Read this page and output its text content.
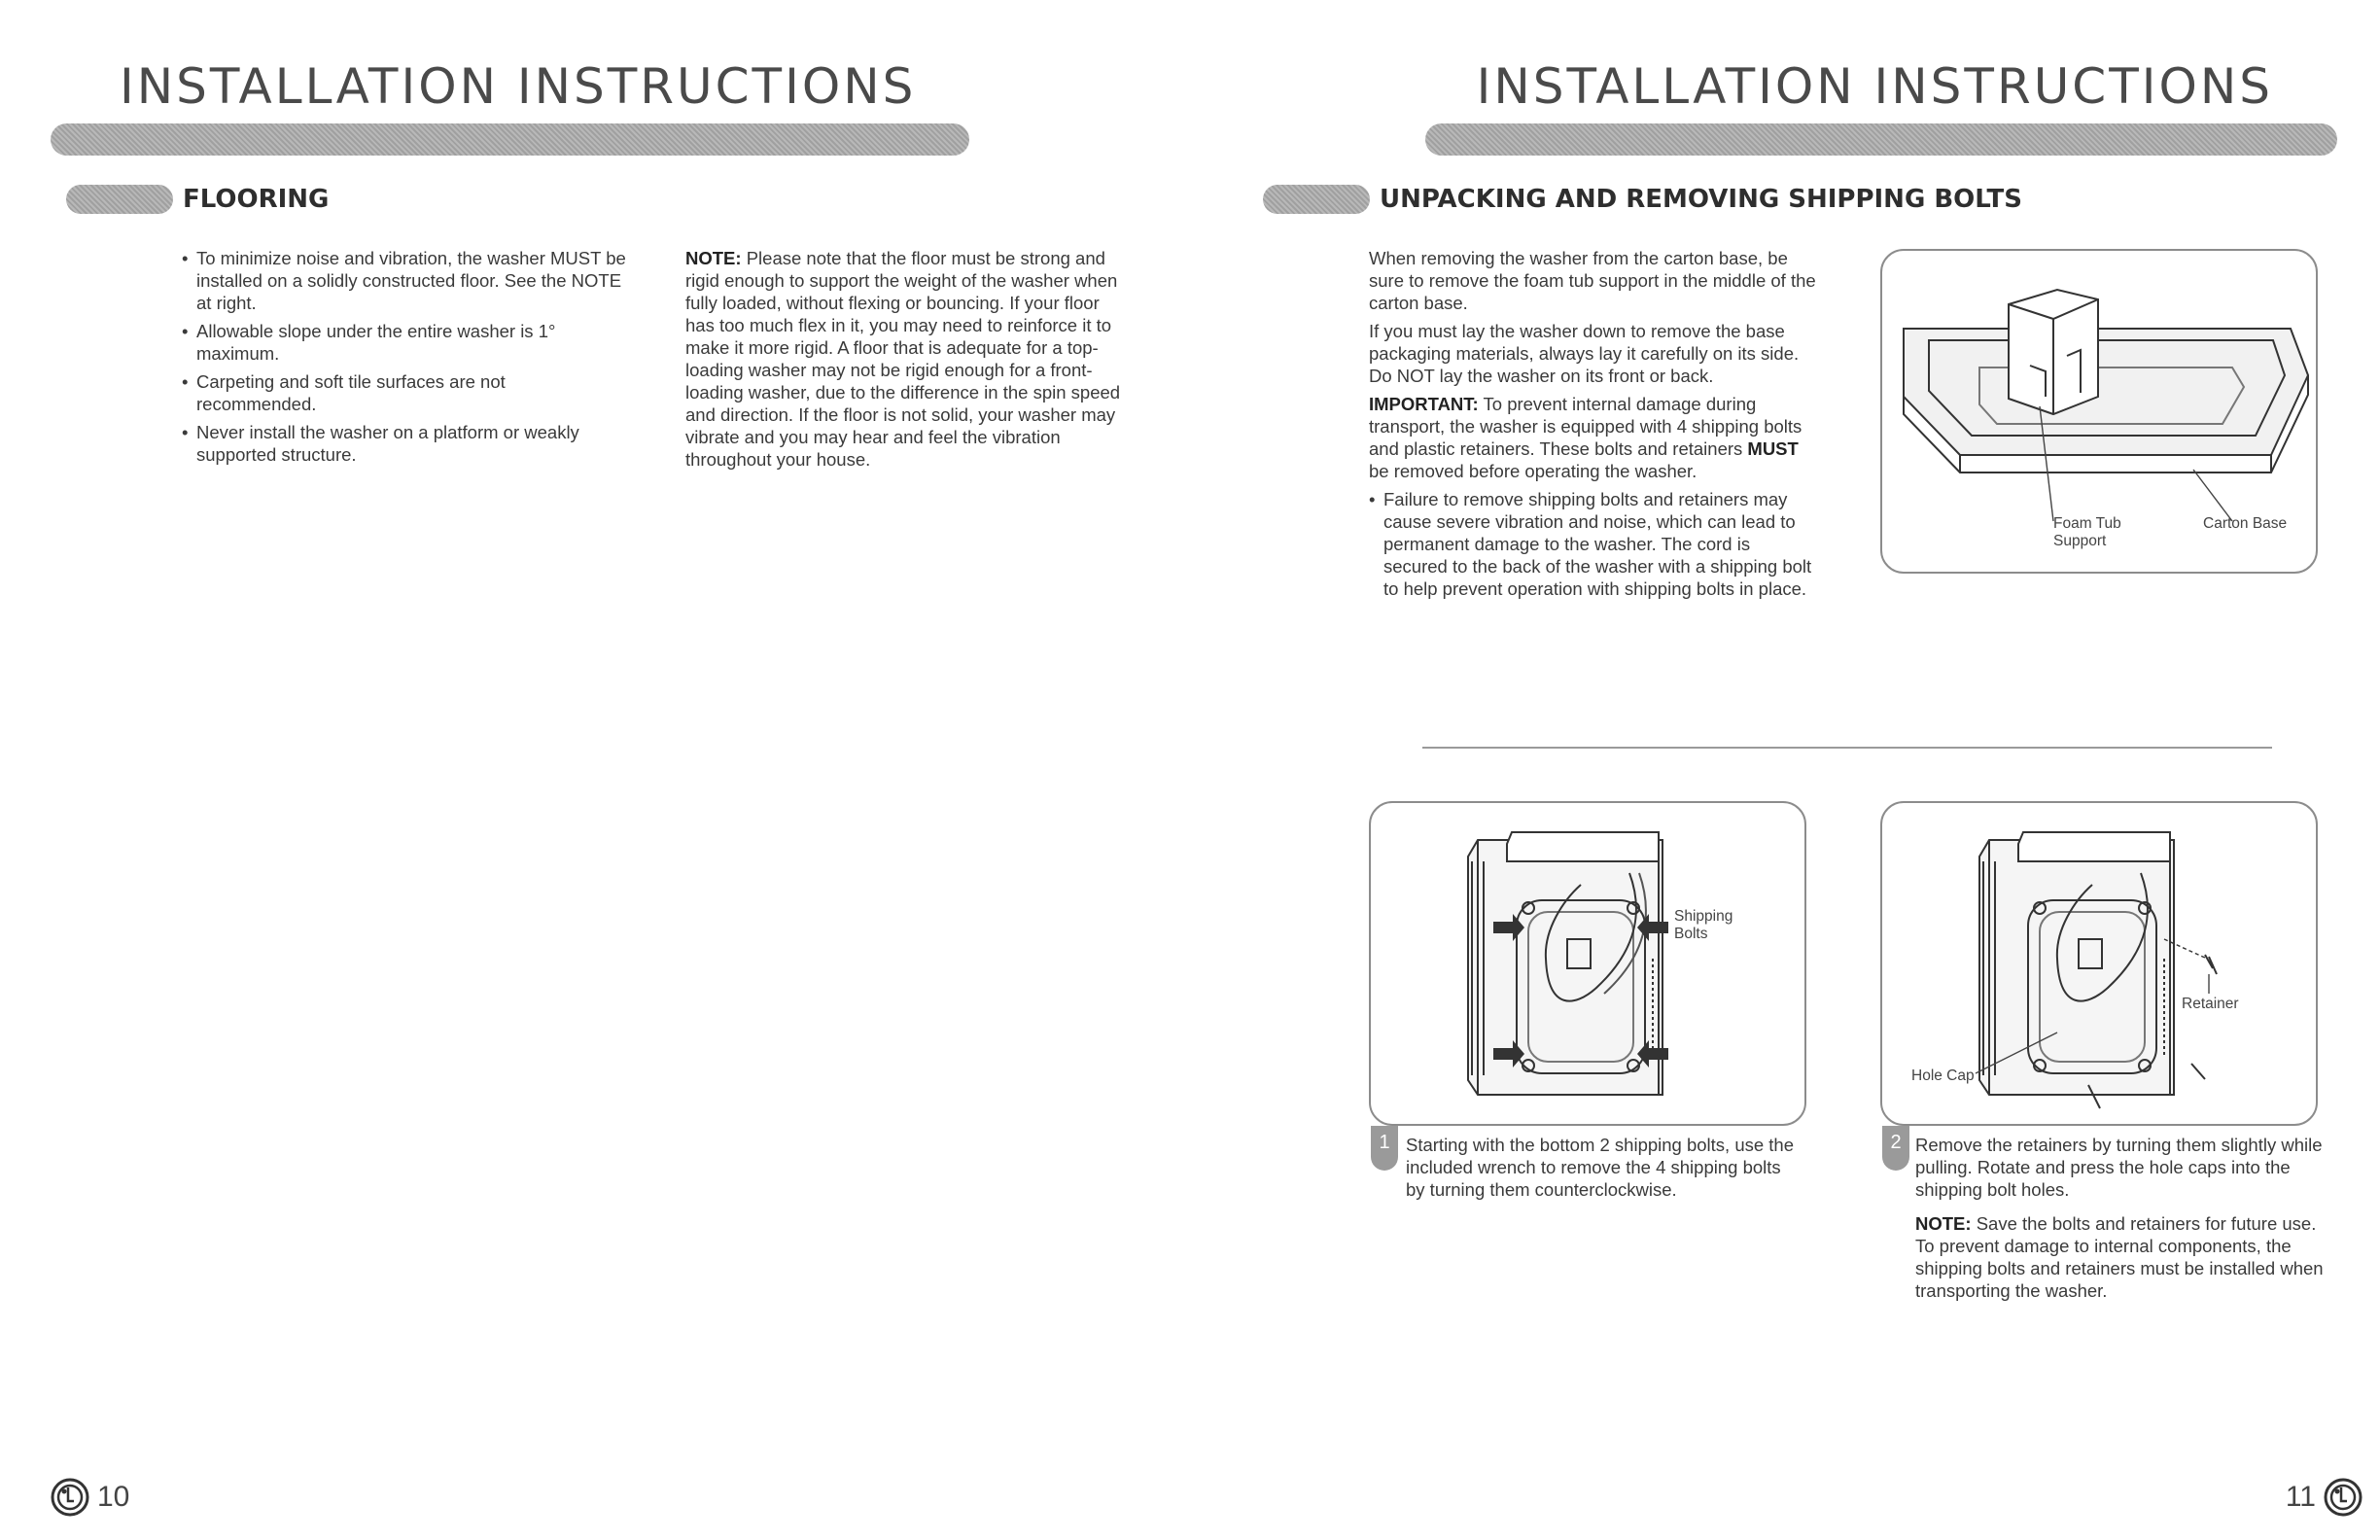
INSTALLATION INSTRUCTIONS
FLOORING
• To minimize noise and vibration, the washer MUST be installed on a solidly constructed floor. See the NOTE at right.
• Allowable slope under the entire washer is 1° maximum.
• Carpeting and soft tile surfaces are not recommended.
• Never install the washer on a platform or weakly supported structure.

NOTE: Please note that the floor must be strong and rigid enough to support the weight of the washer when fully loaded, without flexing or bouncing. If your floor has too much flex in it, you may need to reinforce it to make it more rigid. A floor that is adequate for a top-loading washer may not be rigid enough for a front-loading washer, due to the difference in the spin speed and direction. If the floor is not solid, your washer may vibrate and you may hear and feel the vibration throughout your house.

10
INSTALLATION INSTRUCTIONS
UNPACKING AND REMOVING SHIPPING BOLTS

When removing the washer from the carton base, be sure to remove the foam tub support in the middle of the carton base.

If you must lay the washer down to remove the base packaging materials, always lay it carefully on its side. Do NOT lay the washer on its front or back.

IMPORTANT: To prevent internal damage during transport, the washer is equipped with 4 shipping bolts and plastic retainers. These bolts and retainers MUST be removed before operating the washer.

• Failure to remove shipping bolts and retainers may cause severe vibration and noise, which can lead to permanent damage to the washer. The cord is secured to the back of the washer with a shipping bolt to help prevent operation with shipping bolts in place.
Foam Tub
Support
Carton Base
Shipping
Bolts
1 Starting with the bottom 2 shipping bolts, use the included wrench to remove the 4 shipping bolts by turning them counterclockwise.

Retainer
Hole Cap
2 Remove the retainers by turning them slightly while pulling. Rotate and press the hole caps into the shipping bolt holes.

NOTE: Save the bolts and retainers for future use. To prevent damage to internal components, the shipping bolts and retainers must be installed when transporting the washer.

11
